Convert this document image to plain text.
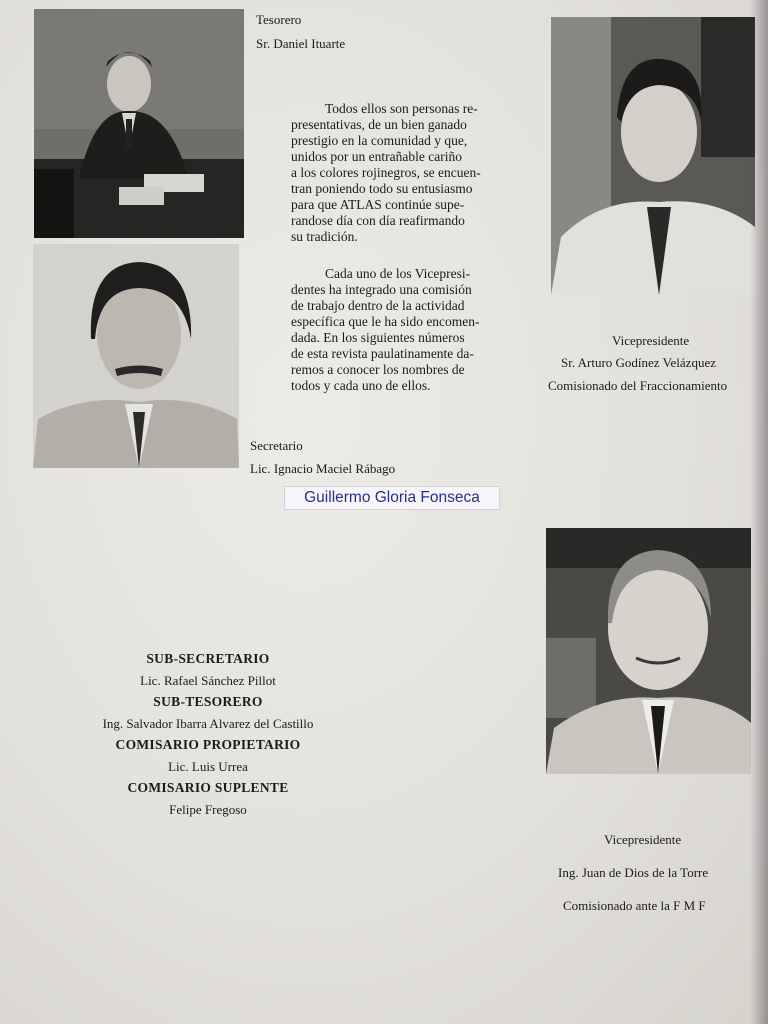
Tesorero
Sr. Daniel Ituarte
Todos ellos son personas re-
presentativas, de un bien ganado
prestigio en la comunidad y que,
unidos por un entrañable cariño
a los colores rojinegros, se encuen-
tran poniendo todo su entusiasmo
para que ATLAS continúe supe-
randose día con día reafirmando
su tradición.
Cada uno de los Vicepresi-
dentes ha integrado una comisión
de trabajo dentro de la actividad
específica que le ha sido encomen-
dada. En los siguientes números
de esta revista paulatinamente da-
remos a conocer los nombres de
todos y cada uno de ellos.
Vicepresidente
Sr. Arturo Godínez Velázquez
Comisionado del Fraccionamiento
Secretario
Lic. Ignacio Maciel Rábago
Guillermo Gloria Fonseca
SUB-SECRETARIO
Lic. Rafael Sánchez Pillot
SUB-TESORERO
Ing. Salvador Ibarra Alvarez del Castillo
COMISARIO PROPIETARIO
Lic. Luis Urrea
COMISARIO SUPLENTE
Felipe Fregoso
Vicepresidente
Ing. Juan de Dios de la Torre
Comisionado ante la F M F
